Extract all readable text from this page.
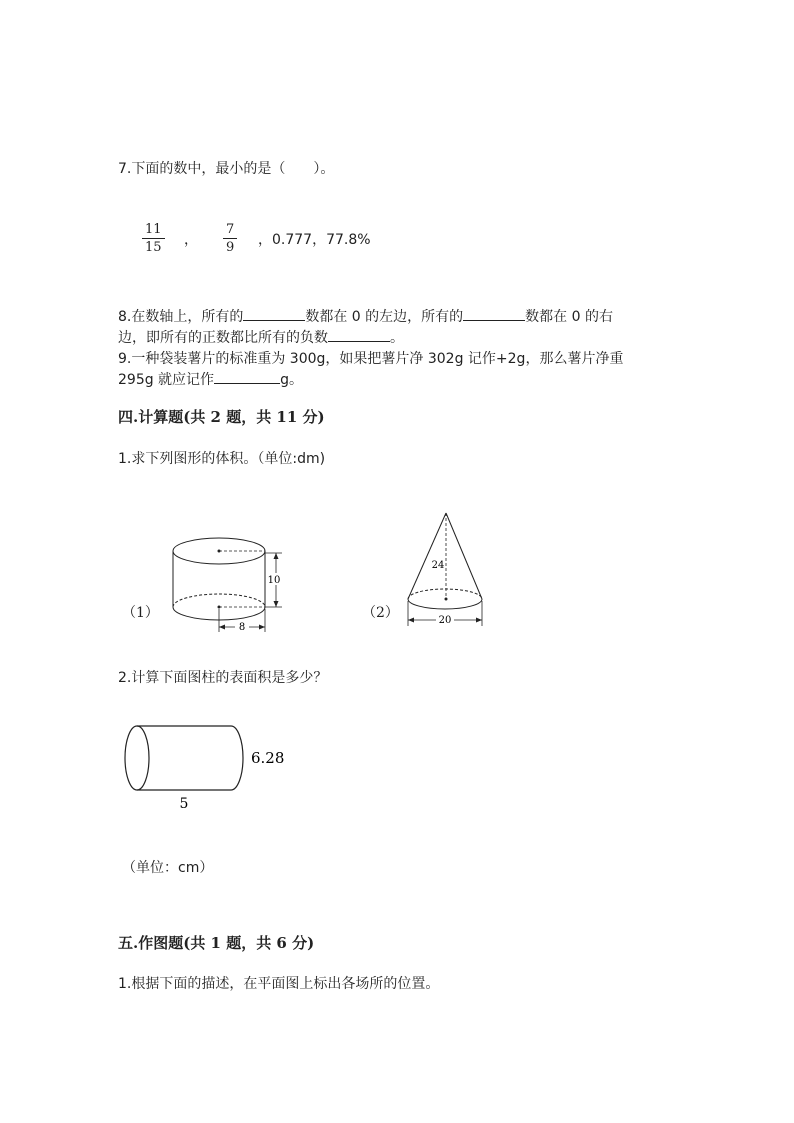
7.下面的数中，最小的是（　　）。
$\frac{11}{15}$ ， $\frac{7}{9}$ ，0.777，77.8%
8.在数轴上，所有的	数都在 0 的左边，所有的	数都在 0 的右
边，即所有的正数都比所有的负数	。
9.一种袋装薯片的标准重为 300g，如果把薯片净 302g 记作+2g，那么薯片净重
295g 就应记作	g。
四.计算题(共 2 题，共 11 分)
1.求下列图形的体积。（单位:dm)
（1）
10
8
（2）
24
20
2.计算下面图柱的表面积是多少？
6.28
5
（单位：cm）
五.作图题(共 1 题，共 6 分)
1.根据下面的描述，在平面图上标出各场所的位置。
